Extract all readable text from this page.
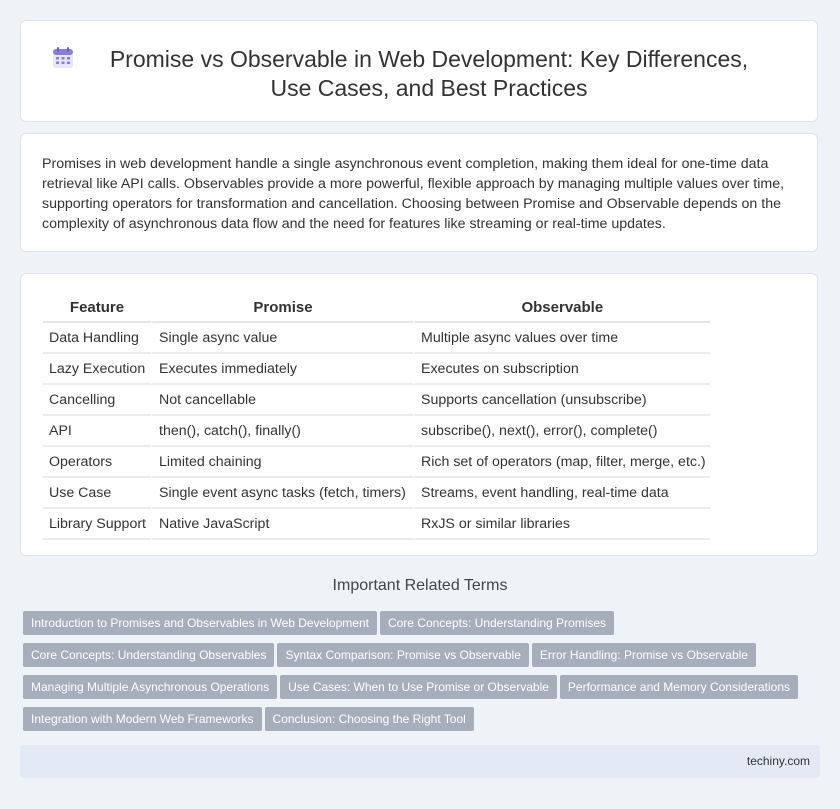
Promise vs Observable in Web Development: Key Differences, Use Cases, and Best Practices

Promises in web development handle a single asynchronous event completion, making them ideal for one-time data retrieval like API calls. Observables provide a more powerful, flexible approach by managing multiple values over time, supporting operators for transformation and cancellation. Choosing between Promise and Observable depends on the complexity of asynchronous data flow and the need for features like streaming or real-time updates.

Feature	Promise	Observable
Data Handling	Single async value	Multiple async values over time
Lazy Execution	Executes immediately	Executes on subscription
Cancelling	Not cancellable	Supports cancellation (unsubscribe)
API	then(), catch(), finally()	subscribe(), next(), error(), complete()
Operators	Limited chaining	Rich set of operators (map, filter, merge, etc.)
Use Case	Single event async tasks (fetch, timers)	Streams, event handling, real-time data
Library Support	Native JavaScript	RxJS or similar libraries
Important Related Terms
Introduction to Promises and Observables in Web Development Core Concepts: Understanding Promises
Core Concepts: Understanding Observables Syntax Comparison: Promise vs Observable Error Handling: Promise vs Observable
Managing Multiple Asynchronous Operations Use Cases: When to Use Promise or Observable Performance and Memory Considerations
Integration with Modern Web Frameworks Conclusion: Choosing the Right Tool
techiny.com
